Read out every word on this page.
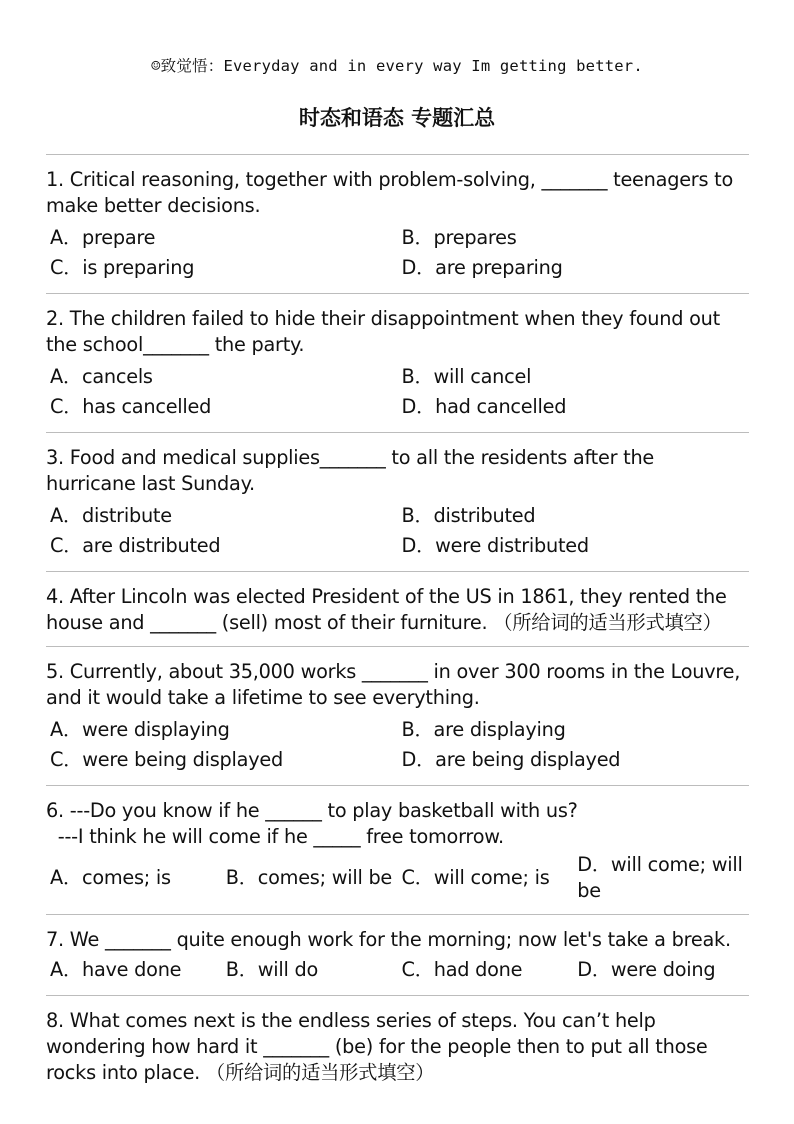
☺致觉悟：Everyday and in every way Im getting better.
时态和语态 专题汇总
1. Critical reasoning, together with problem-solving, _______ teenagers to make better decisions.
A．prepare	B．prepares
C．is preparing	D．are preparing
2. The children failed to hide their disappointment when they found out the school_______ the party.
A．cancels	B．will cancel
C．has cancelled	D．had cancelled
3. Food and medical supplies_______ to all the residents after the hurricane last Sunday.
A．distribute	B．distributed
C．are distributed	D．were distributed
4. After Lincoln was elected President of the US in 1861, they rented the house and _______ (sell) most of their furniture. （所给词的适当形式填空）
5. Currently, about 35,000 works _______ in over 300 rooms in the Louvre, and it would take a lifetime to see everything.
A．were displaying	B．are displaying
C．were being displayed	D．are being displayed
6. ---Do you know if he ______ to play basketball with us?
---I think he will come if he _____ free tomorrow.
A．comes; is	B．comes; will be C．will come; is
D．will come; will be
7. We _______ quite enough work for the morning; now let's take a break.
A．have done	B．will do	C．had done	D．were doing
8. What comes next is the endless series of steps. You can’t help wondering how hard it _______ (be) for the people then to put all those rocks into place. （所给词的适当形式填空）
